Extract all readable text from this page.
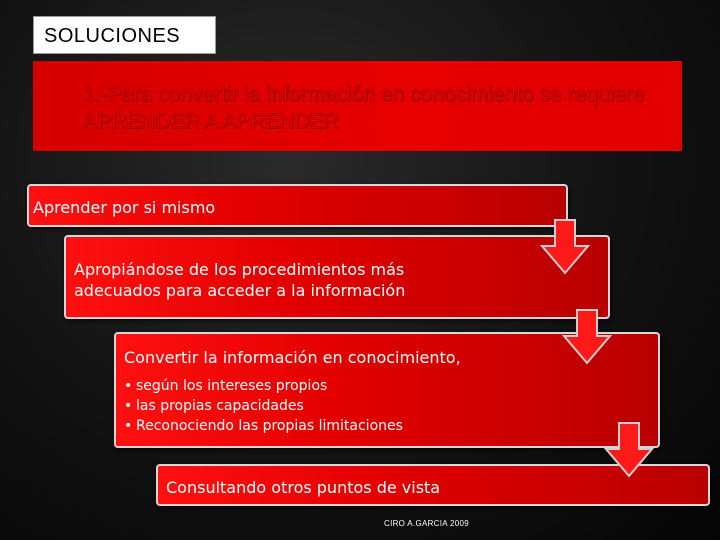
SOLUCIONES
1.-Para convertir la información en conocimiento se requiere APRENDER A APRENDER
Aprender por si mismo
Apropiándose de los procedimientos más adecuados para acceder a la información
Convertir la información en conocimiento,
• según los intereses propios
• las propias capacidades
• Reconociendo las propias limitaciones
Consultando otros puntos de vista
CIRO A.GARCIA 2009
